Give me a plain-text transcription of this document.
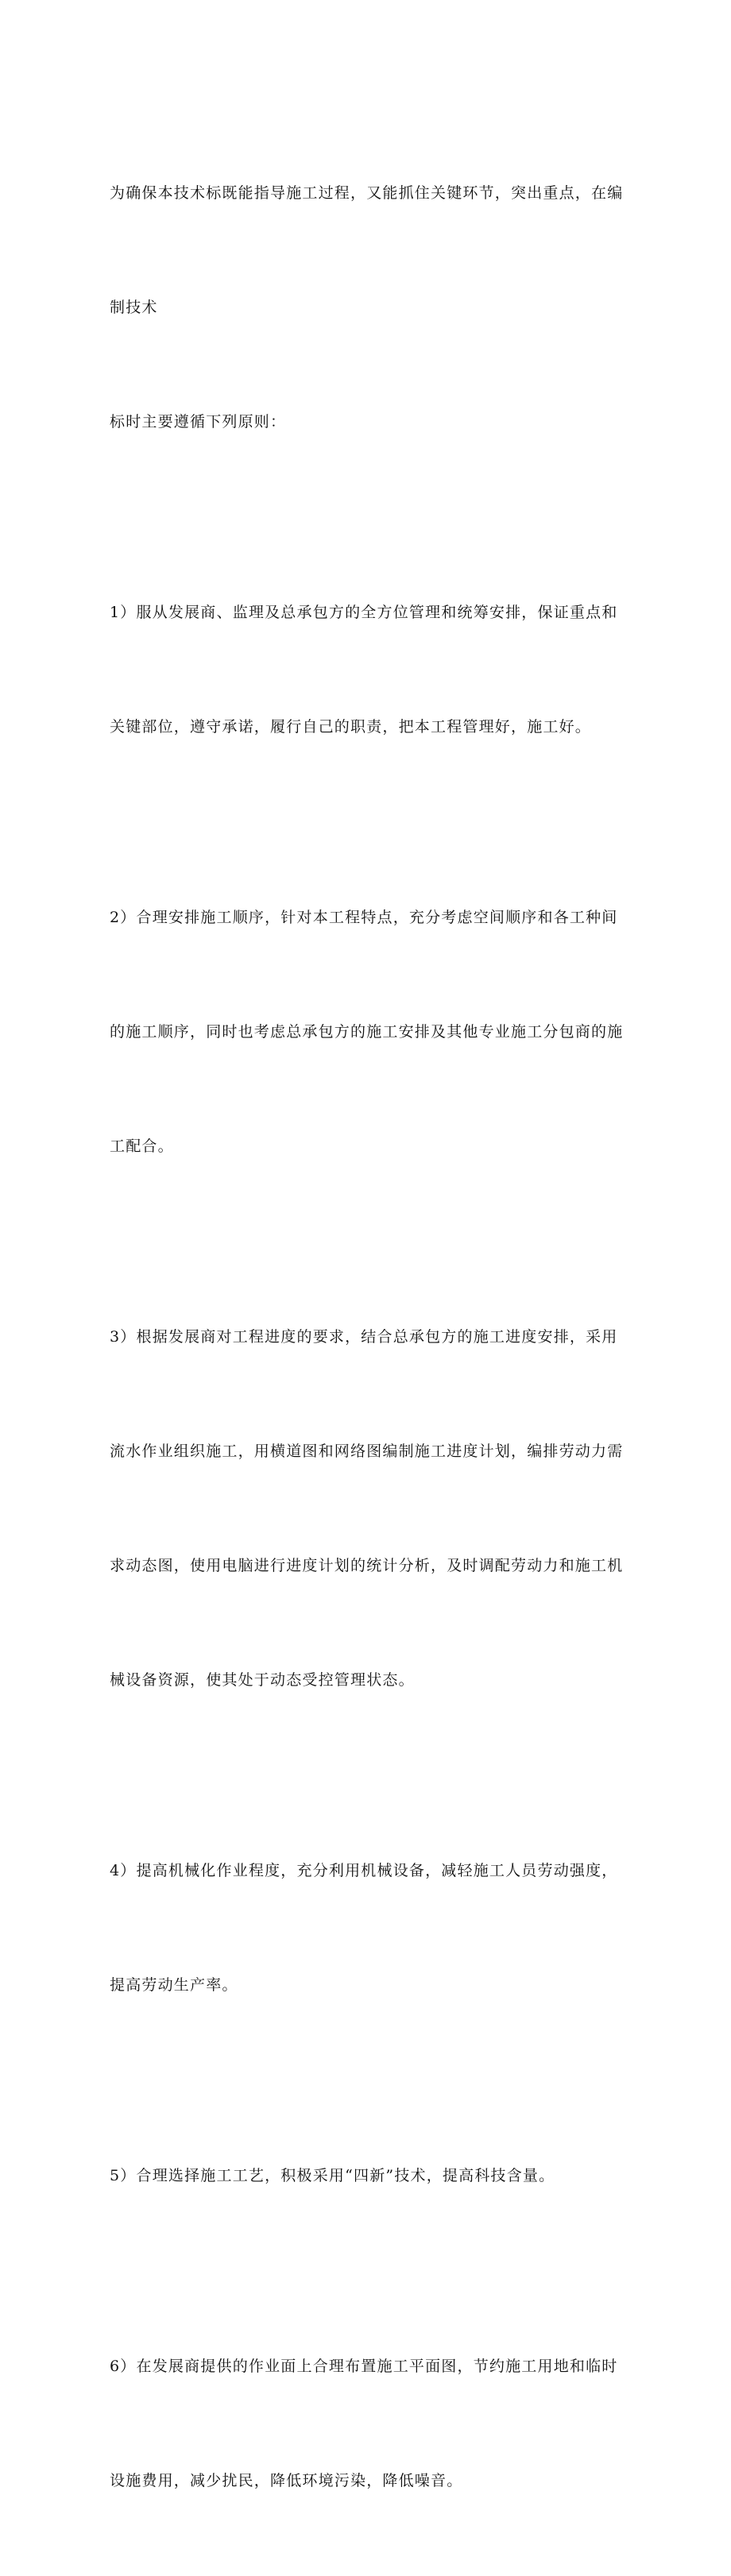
为确保本技术标既能指导施工过程，又能抓住关键环节，突出重点，在编

制技术

标时主要遵循下列原则：

1）服从发展商、监理及总承包方的全方位管理和统筹安排，保证重点和

关键部位，遵守承诺，履行自己的职责，把本工程管理好，施工好。

2）合理安排施工顺序，针对本工程特点，充分考虑空间顺序和各工种间

的施工顺序，同时也考虑总承包方的施工安排及其他专业施工分包商的施

工配合。

3）根据发展商对工程进度的要求，结合总承包方的施工进度安排，采用

流水作业组织施工，用横道图和网络图编制施工进度计划，编排劳动力需

求动态图，使用电脑进行进度计划的统计分析，及时调配劳动力和施工机

械设备资源，使其处于动态受控管理状态。

4）提高机械化作业程度，充分利用机械设备，减轻施工人员劳动强度，

提高劳动生产率。

5）合理选择施工工艺，积极采用“四新”技术，提高科技含量。

6）在发展商提供的作业面上合理布置施工平面图，节约施工用地和临时

设施费用，减少扰民，降低环境污染，降低噪音。
